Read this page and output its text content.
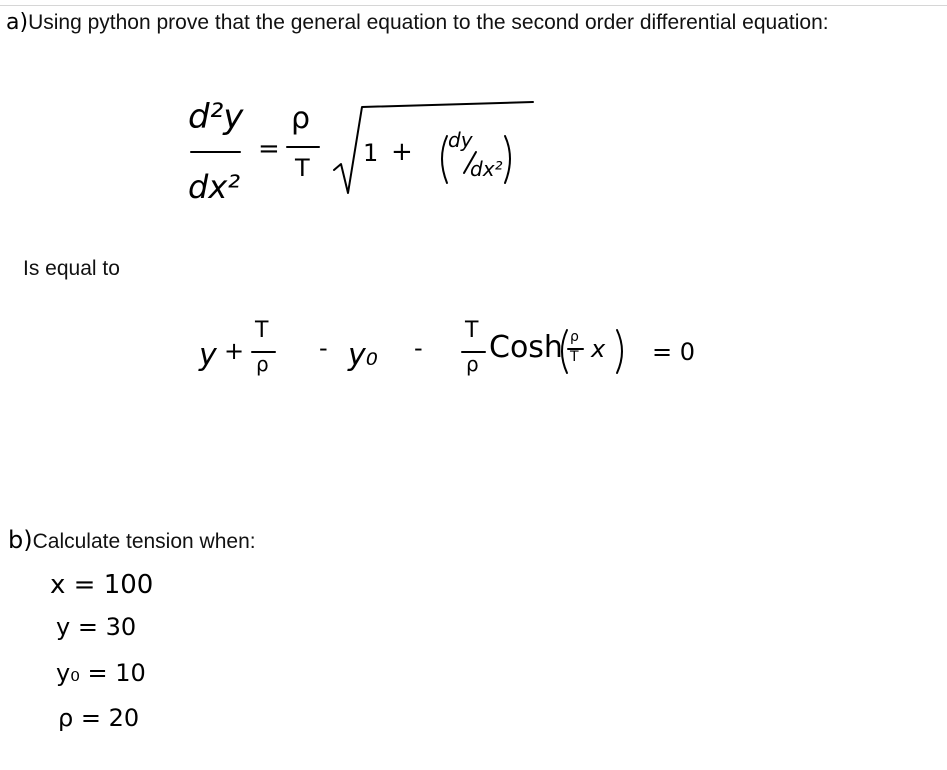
a)Using python prove that the general equation to the second order differential equation:
d²y
dx²
=
ρ
T
1 + dy
dx²
Is equal to
y +
T
ρ
- y₀ -
T
ρ Cosh ρ
T x = 0
b)Calculate tension when:
x = 100
y = 30
y₀ = 10
ρ = 20
